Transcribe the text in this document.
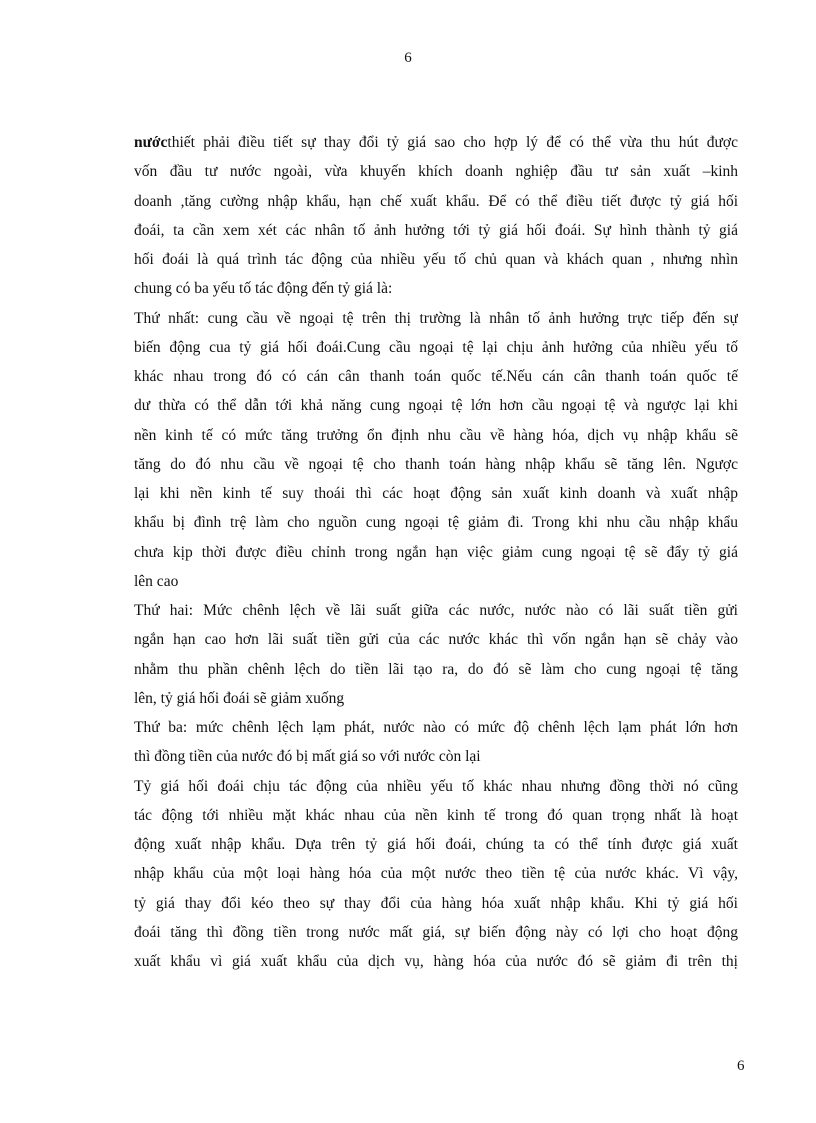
6
nướcthiết phải điều tiết sự thay đổi tỷ giá sao cho hợp lý để có thể vừa thu hút được
vốn đầu tư nước ngoài, vừa khuyến khích doanh nghiệp đầu tư sản xuất –kinh
doanh ,tăng cường nhập khẩu, hạn chế xuất khẩu. Để có thể điều tiết được tỷ giá hối
đoái, ta cần xem xét các nhân tố ảnh hưởng tới tỷ giá hối đoái. Sự hình thành tỷ giá
hối đoái là quá trình tác động của nhiều yếu tố chủ quan và khách quan , nhưng nhìn
chung có ba yếu tố tác động đến tỷ giá là:
Thứ nhất: cung cầu về ngoại tệ trên thị trường là nhân tố ảnh hưởng trực tiếp đến sự
biến động cua tỷ giá hối đoái.Cung cầu ngoại tệ lại chịu ảnh hưởng của nhiều yếu tố
khác nhau trong đó có cán cân thanh toán quốc tế.Nếu cán cân thanh toán quốc tế
dư thừa có thể dẫn tới khả năng cung ngoại tệ lớn hơn cầu ngoại tệ và ngược lại khi
nền kinh tế có mức tăng trưởng ổn định nhu cầu về hàng hóa, dịch vụ nhập khẩu sẽ
tăng do đó nhu cầu về ngoại tệ cho thanh toán hàng nhập khẩu sẽ tăng lên. Ngược
lại khi nền kinh tế suy thoái thì các hoạt động sản xuất kinh doanh và xuất nhập
khẩu bị đình trệ làm cho nguồn cung ngoại tệ giảm đi. Trong khi nhu cầu nhập khẩu
chưa kịp thời được điều chỉnh trong ngắn hạn việc giảm cung ngoại tệ sẽ đẩy tỷ giá
lên cao
Thứ hai: Mức chênh lệch về lãi suất giữa các nước, nước nào có lãi suất tiền gửi
ngắn hạn cao hơn lãi suất tiền gửi của các nước khác thì vốn ngắn hạn sẽ chảy vào
nhằm thu phần chênh lệch do tiền lãi tạo ra, do đó sẽ làm cho cung ngoại tệ tăng
lên, tỷ giá hối đoái sẽ giảm xuống
Thứ ba: mức chênh lệch lạm phát, nước nào có mức độ chênh lệch lạm phát lớn hơn
thì đồng tiền của nước đó bị mất giá so với nước còn lại
Tỷ giá hối đoái chịu tác động của nhiều yếu tố khác nhau nhưng đồng thời nó cũng
tác động tới nhiều mặt khác nhau của nền kinh tế trong đó quan trọng nhất là hoạt
động xuất nhập khẩu. Dựa trên tỷ giá hối đoái, chúng ta có thể tính được giá xuất
nhập khẩu của một loại hàng hóa của một nước theo tiền tệ của nước khác. Vì vậy,
tỷ giá thay đổi kéo theo sự thay đổi của hàng hóa xuất nhập khẩu. Khi tỷ giá hối
đoái tăng thì đồng tiền trong nước mất giá, sự biến động này có lợi cho hoạt động
xuất khẩu vì giá xuất khẩu của dịch vụ, hàng hóa của nước đó sẽ giảm đi trên thị
6
